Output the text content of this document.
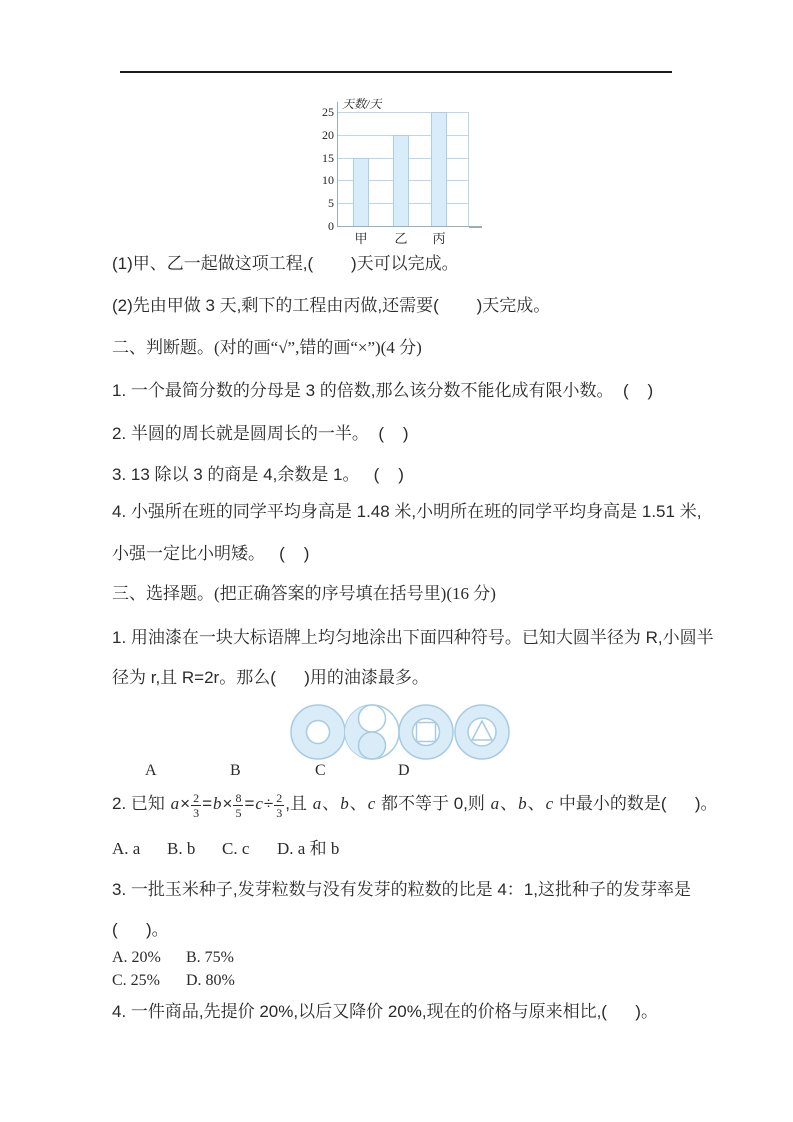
天数/天
0
5
10
15
20
25
甲	乙	丙
(1)甲、乙一起做这项工程,(        )天可以完成。
(2)先由甲做 3 天,剩下的工程由丙做,还需要(        )天完成。
二、判断题。(对的画“√”,错的画“×”)(4 分)
1. 一个最简分数的分母是 3 的倍数,那么该分数不能化成有限小数。  (    )
2. 半圆的周长就是圆周长的一半。  (    )
3. 13 除以 3 的商是 4,余数是 1。   (    )
4. 小强所在班的同学平均身高是 1.48 米,小明所在班的同学平均身高是 1.51 米,
小强一定比小明矮。   (    )
三、选择题。(把正确答案的序号填在括号里)(16 分)
1. 用油漆在一块大标语牌上均匀地涂出下面四种符号。已知大圆半径为 R,小圆半
径为 r,且 R=2r。那么(      )用的油漆最多。
A	B	C	D
2. 已知 $a\times \frac{2}{3} =b\times \frac{8}{5} =c\div \frac{2}{3}$ ,且 a、b、c 都不等于 0,则 a、b、c 中最小的数是(      )。
A. a B. b C. c D. a 和 b
3. 一批玉米种子,发芽粒数与没有发芽的粒数的比是 4：1,这批种子的发芽率是
(      )。
A. 20% B. 75%
C. 25% D. 80%
4. 一件商品,先提价 20%,以后又降价 20%,现在的价格与原来相比,(      )。
